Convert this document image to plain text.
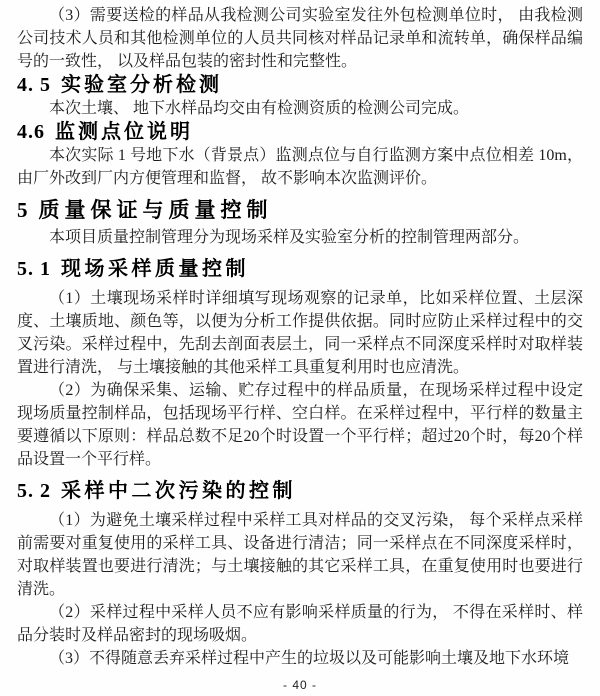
（3）需要送检的样品从我检测公司实验室发往外包检测单位时， 由我检测
公司技术人员和其他检测单位的人员共同核对样品记录单和流转单，确保样品编
号的一致性， 以及样品包装的密封性和完整性。
4. 5 实验室分析检测
本次土壤、 地下水样品均交由有检测资质的检测公司完成。
4.6 监测点位说明
本次实际 1 号地下水（背景点）监测点位与自行监测方案中点位相差 10m，
由厂外改到厂内方便管理和监督， 故不影响本次监测评价。
5 质量保证与质量控制
本项目质量控制管理分为现场采样及实验室分析的控制管理两部分。
5. 1 现场采样质量控制
（1）土壤现场采样时详细填写现场观察的记录单，比如采样位置、土层深
度、土壤质地、颜色等，以便为分析工作提供依据。同时应防止采样过程中的交
叉污染。采样过程中，先刮去剖面表层土，同一采样点不同深度采样时对取样装
置进行清洗， 与土壤接触的其他采样工具重复利用时也应清洗。
（2）为确保采集、运输、贮存过程中的样品质量，在现场采样过程中设定
现场质量控制样品，包括现场平行样、空白样。在采样过程中，平行样的数量主
要遵循以下原则：样品总数不足20个时设置一个平行样；超过20个时，每20个样
品设置一个平行样。
5. 2 采样中二次污染的控制
（1）为避免土壤采样过程中采样工具对样品的交叉污染， 每个采样点采样
前需要对重复使用的采样工具、设备进行清洁；同一采样点在不同深度采样时，
对取样装置也要进行清洗；与土壤接触的其它采样工具，在重复使用时也要进行
清洗。
（2）采样过程中采样人员不应有影响采样质量的行为， 不得在采样时、样
品分装时及样品密封的现场吸烟。
（3）不得随意丢弃采样过程中产生的垃圾以及可能影响土壤及地下水环境
- 40 -
